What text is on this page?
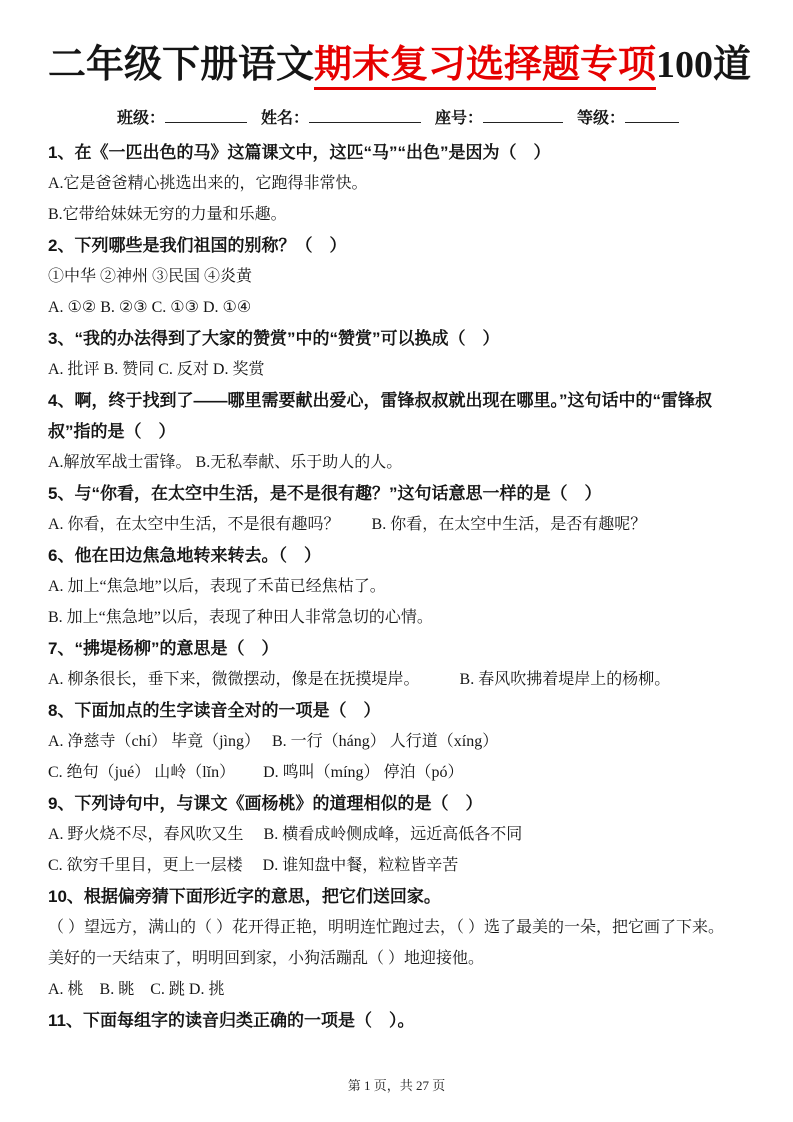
二年级下册语文期末复习选择题专项100道
班级：	姓名：	座号：	等级：

1、在《一匹出色的马》这篇课文中，这匹“马”“出色”是因为（　）

A.它是爸爸精心挑选出来的，它跑得非常快。

B.它带给妹妹无穷的力量和乐趣。

2、下列哪些是我们祖国的别称？（　）

①中华 ②神州 ③民国 ④炎黄

A. ①② B. ②③ C. ①③ D. ①④

3、“我的办法得到了大家的赞赏”中的“赞赏”可以换成（　）

A. 批评 B. 赞同 C. 反对 D. 奖赏

4、啊，终于找到了——哪里需要献出爱心，雷锋叔叔就出现在哪里。”这句话中的“雷锋叔叔”指的是（　）

A.解放军战士雷锋。 B.无私奉献、乐于助人的人。

5、与“你看，在太空中生活，是不是很有趣？”这句话意思一样的是（　）

A. 你看，在太空中生活，不是很有趣吗？　　B. 你看，在太空中生活，是否有趣呢？

6、他在田边焦急地转来转去。（　）

A. 加上“焦急地”以后，表现了禾苗已经焦枯了。

B. 加上“焦急地”以后，表现了种田人非常急切的心情。

7、“拂堤杨柳”的意思是（　）

A. 柳条很长，垂下来，微微摆动，像是在抚摸堤岸。　　　B. 春风吹拂着堤岸上的杨柳。

8、下面加点的生字读音全对的一项是（　）

A. 净慈寺（chí） 毕竟（jìng）　 B. 一行（háng） 人行道（xíng）

C. 绝句（jué） 山岭（lǐn）　　 D. 鸣叫（míng） 停泊（pó）

9、下列诗句中，与课文《画杨桃》的道理相似的是（　）

A. 野火烧不尽，春风吹又生　 B. 横看成岭侧成峰，远近高低各不同

C. 欲穷千里目，更上一层楼　 D. 谁知盘中餐，粒粒皆辛苦

10、根据偏旁猜下面形近字的意思，把它们送回家。

（ ）望远方，满山的（ ）花开得正艳，明明连忙跑过去，（ ）选了最美的一朵，把它画了下来。

美好的一天结束了，明明回到家，小狗活蹦乱（ ）地迎接他。

A. 桃　B. 眺　C. 跳 D. 挑

11、下面每组字的读音归类正确的一项是（　）。

第 1 页，共 27 页
